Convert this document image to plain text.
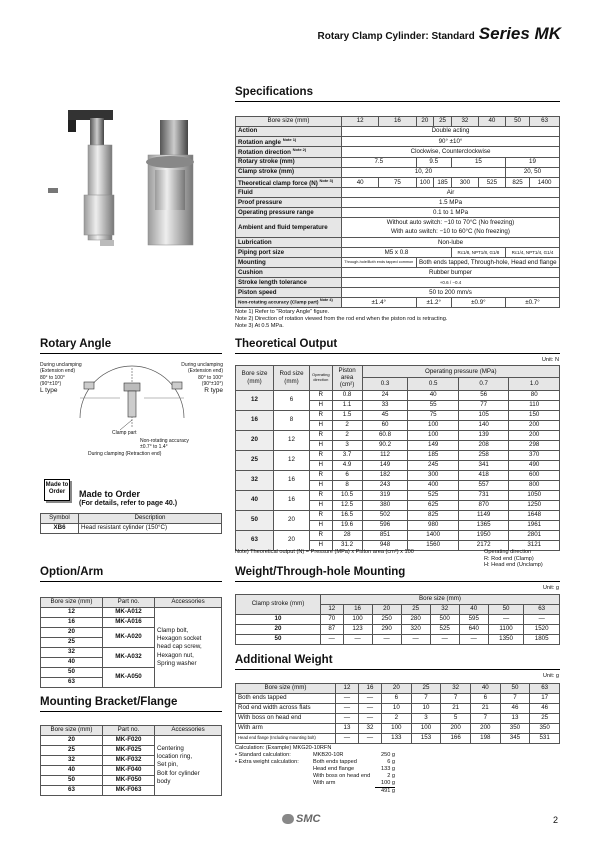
Rotary Clamp Cylinder: Standard Series MK
Specifications
Bore size (mm)	12	16	20	25	32	40	50	63
Action	Double acting							
Rotation angle $^{Note 1)}$	90° ±10°							
Rotation direction $^{Note 2)}$	Clockwise, Counterclockwise							
Rotary stroke (mm)	7.5		9.5		15		19	
Clamp stroke (mm)	10, 20						20, 50	
Theoretical clamp force (N) $^{Note 3)}$	40	75	100	185	300	525	825	1400
Fluid	Air							
Proof pressure	1.5 MPa							
Operating pressure range	0.1 to 1 MPa							
Ambient and fluid temperature	Without auto switch: −10 to 70°C (No freezing)
With auto switch: −10 to 60°C (No freezing)							

Lubrication	Non-lube							
Piping port size	M5 x 0.8				Rc1/8, NPT1/8, G1/8		Rc1/4, NPT1/4, G1/4	
Mounting	Through-hole/Both ends tapped common		Both ends tapped, Through-hole, Head end flange					
Cushion	Rubber bumper							
Stroke length tolerance	+0.6 / −0.4							
Piston speed	50 to 200 mm/s							
Non-rotating accuracy (Clamp part) $^{Note 4)}$	±1.4°		±1.2°		±0.9°		±0.7°	
Note 1) Refer to “Rotary Angle” figure.
Note 2) Direction of rotation viewed from the rod end when the piston rod is retracting.
Note 3) At 0.5 MPa.
Rotary Angle
During unclamping
(Extension end)
80° to 100°
(90°±10°)
L type
During unclamping
(Extension end)
80° to 100°
(90°±10°)
R type
Clamp part
Non-rotating accuracy
±0.7° to 1.4°
During clamping (Retraction end)
Made to
Order	Made to Order
(For details, refer to page 40.)
Symbol	Description
XB6	Head resistant cylinder (150°C)
Theoretical Output
Unit: N
Bore size (mm)	Rod size (mm)	Operating direction	Piston area (cm²)	Operating pressure (MPa)			
				0.3	0.5	0.7	1.0
12	6	R	0.8	24	40	56	80
		H	1.1	33	55	77	110
16	8	R	1.5	45	75	105	150
		H	2	60	100	140	200
20	12	R	2	60.8	100	139	200
		H	3	90.2	149	208	298
25	12	R	3.7	112	185	258	370
		H	4.9	149	245	341	490
32	16	R	6	182	300	418	600
		H	8	243	400	557	800
40	16	R	10.5	319	525	731	1050
		H	12.5	380	625	870	1250
50	20	R	16.5	502	825	1149	1648
		H	19.6	596	980	1365	1961
63	20	R	28	851	1400	1950	2801
		H	31.2	948	1560	2172	3121
Note) Theoretical output (N) = Pressure (MPa) x Piston area (cm²) x 100	Operating direction
R: Rod end (Clamp)
H: Head end (Unclamp)
Option/Arm
Bore size (mm)	Part no.	Accessories
12	MK-A012	Clamp bolt,
Hexagon socket
head cap screw,
Hexagon nut,
Spring washer

16	MK-A016	
20	MK-A020	
25		
32	MK-A032	
40		
50	MK-A050	
63		
Mounting Bracket/Flange
Bore size (mm)	Part no.	Accessories
20	MK-F020	Centering
location ring,
Set pin,
Bolt for cylinder
body

25	MK-F025	
32	MK-F032	
40	MK-F040	
50	MK-F050	
63	MK-F063	
Weight/Through-hole Mounting
Unit: g
Clamp stroke (mm)	Bore size (mm)							
	12	16	20	25	32	40	50	63
10	70	100	250	280	500	595	—	—
20	87	123	290	320	525	640	1100	1520
50	—	—	—	—	—	—	1350	1805
Additional Weight
Unit: g
Bore size (mm)	12	16	20	25	32	40	50	63
Both ends tapped	—	—	6	7	7	6	7	17
Rod end width across flats	—	—	10	10	21	21	46	46
With boss on head end	—	—	2	3	5	7	13	25
With arm	13	32	100	100	200	200	350	350
Head end flange (Including mounting bolt)	—	—	133	153	166	198	345	531
Calculation: (Example) MKG20-10RFN
• Standard calculation:	MKB20-10R	250 g
• Extra weight calculation:	Both ends tapped	6 g
Head end flange	133 g
With boss on head end	2 g
With arm	100 g
491 g
SMC	2
